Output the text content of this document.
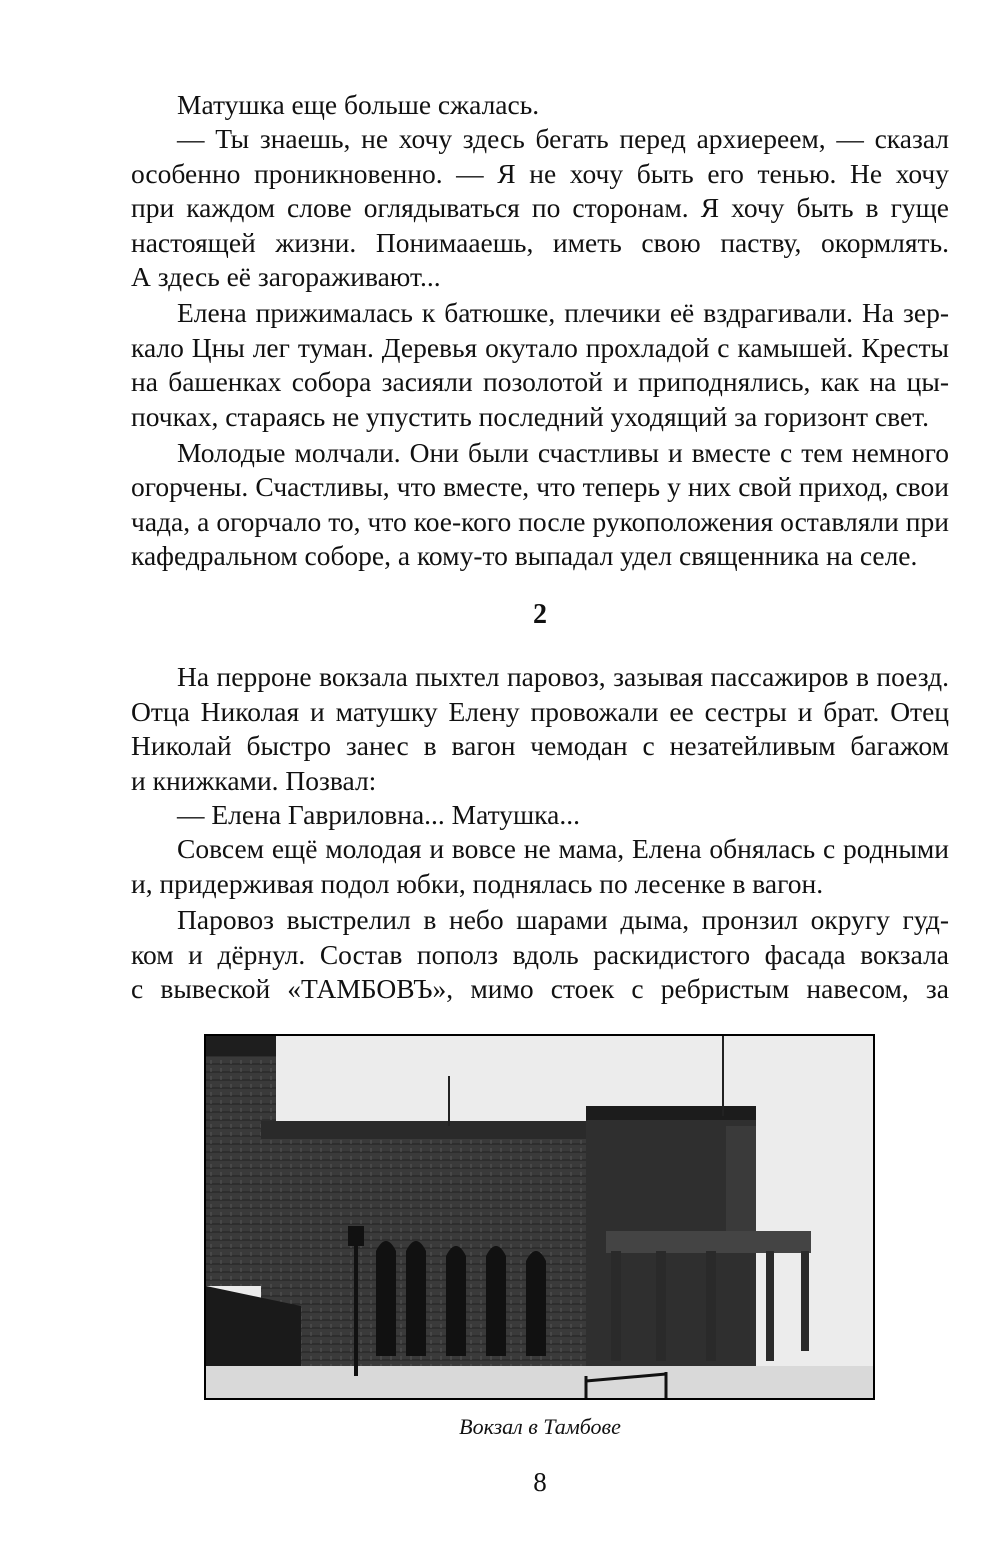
Матушка еще больше сжалась.
— Ты знаешь, не хочу здесь бегать перед архиереем, — сказал
особенно проникновенно. — Я не хочу быть его тенью. Не хочу
при каждом слове оглядываться по сторонам. Я хочу быть в гуще
настоящей жизни. Понимааешь, иметь свою паству, окормлять.
А здесь её загораживают...
Елена прижималась к батюшке, плечики её вздрагивали. На зер-
кало Цны лег туман. Деревья окутало прохладой с камышей. Кресты
на башенках собора засияли позолотой и приподнялись, как на цы-
почках, стараясь не упустить последний уходящий за горизонт свет.
Молодые молчали. Они были счастливы и вместе с тем немного
огорчены. Счастливы, что вместе, что теперь у них свой приход, свои
чада, а огорчало то, что кое-кого после рукоположения оставляли при
кафедральном соборе, а кому-то выпадал удел священника на селе.
2
На перроне вокзала пыхтел паровоз, зазывая пассажиров в поезд.
Отца Николая и матушку Елену провожали ее сестры и брат. Отец
Николай быстро занес в вагон чемодан с незатейливым багажом
и книжками. Позвал:
— Елена Гавриловна... Матушка...
Совсем ещё молодая и вовсе не мама, Елена обнялась с родными
и, придерживая подол юбки, поднялась по лесенке в вагон.
Паровоз выстрелил в небо шарами дыма, пронзил округу гуд-
ком и дёрнул. Состав пополз вдоль раскидистого фасада вокзала
с вывеской «ТАМБОВЪ», мимо стоек с ребристым навесом, за
Вокзал в Тамбове
8
